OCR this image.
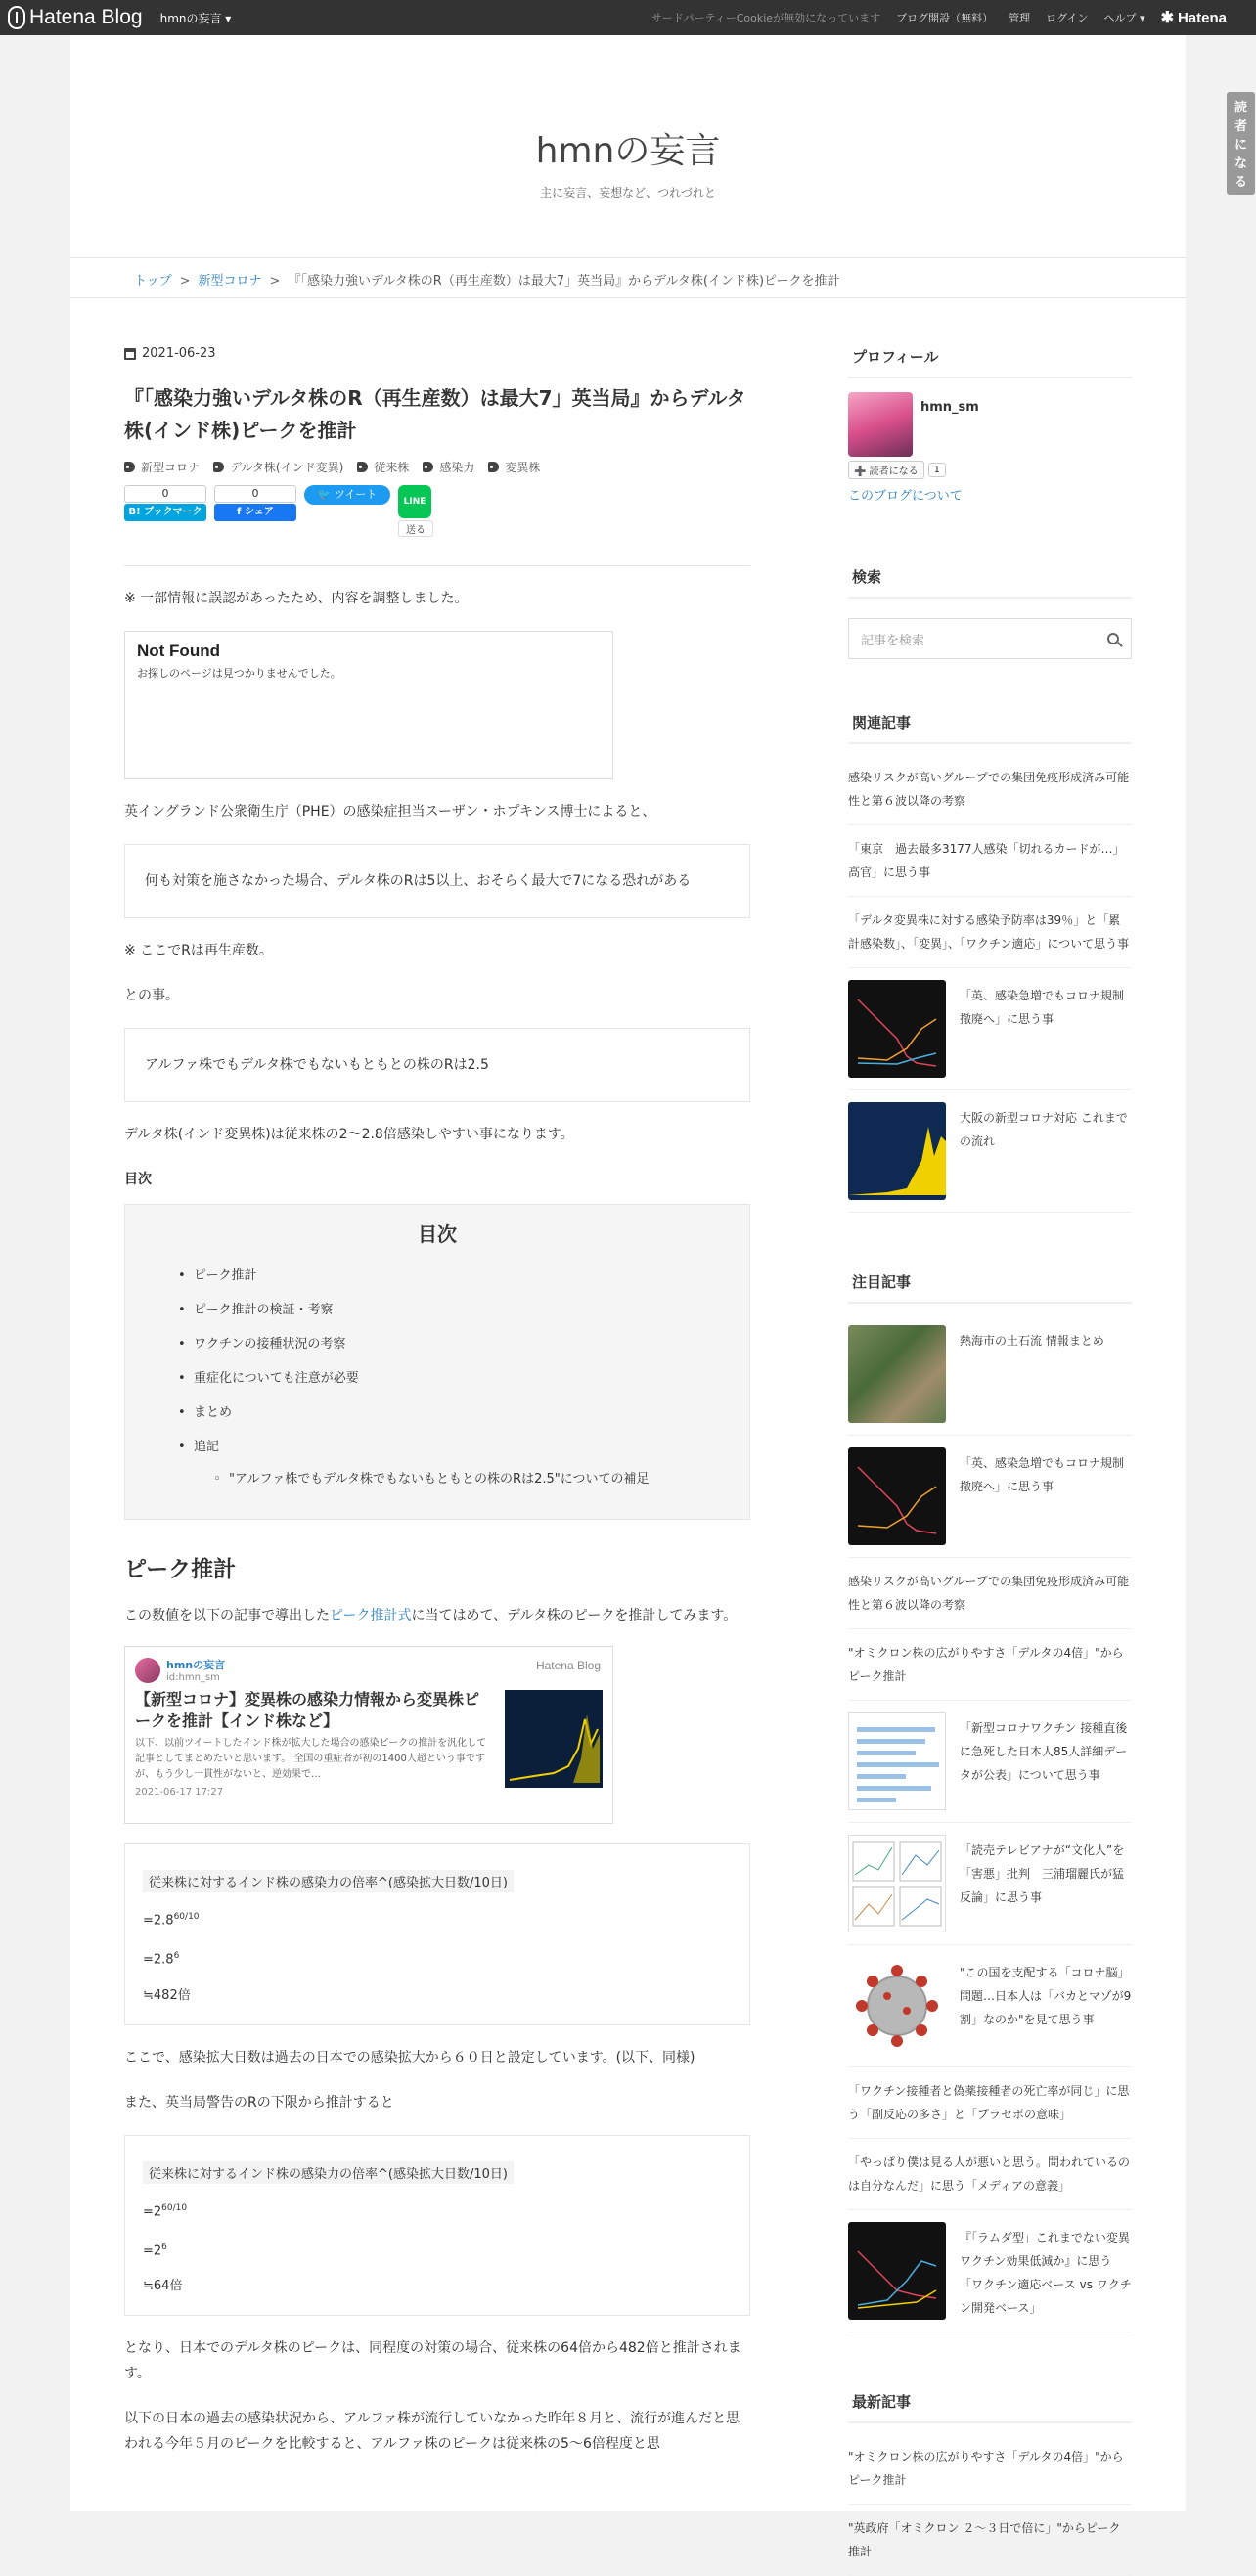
Hatena Blog hmnの妄言 ▾	サードパーティーCookieが無効になっています ブログ開設（無料） 管理 ログイン ヘルプ ▾ ✱ Hatena
読者になる
hmnの妄言
主に妄言、妄想など、つれづれと
トップ > 新型コロナ > 『「感染力強いデルタ株のR（再生産数）は最大7」英当局』からデルタ株(インド株)ピークを推計
2021-06-23
『「感染力強いデルタ株のR（再生産数）は最大7」英当局』からデルタ株(インド株)ピークを推計
新型コロナ	デルタ株(インド変異)	従来株	感染力	変異株
0
B! ブックマーク
0
f シェア
🐦 ツイート
LINE
送る

※ 一部情報に誤認があったため、内容を調整しました。

Not Found
お探しのページは見つかりませんでした。

英イングランド公衆衛生庁（PHE）の感染症担当スーザン・ホプキンス博士によると、

何も対策を施さなかった場合、デルタ株のRは5以上、おそらく最大で7になる恐れがある

※ ここでRは再生産数。

との事。

アルファ株でもデルタ株でもないもともとの株のRは2.5

デルタ株(インド変異株)は従来株の2～2.8倍感染しやすい事になります。

目次
目次
• ピーク推計
• ピーク推計の検証・考察
• ワクチンの接種状況の考察
• 重症化についても注意が必要
• まとめ
• 追記
◦ "アルファ株でもデルタ株でもないもともとの株のRは2.5"についての補足
ピーク推計

この数値を以下の記事で導出したピーク推計式に当てはめて、デルタ株のピークを推計してみます。

hmnの妄言
id:hmn_sm
Hatena Blog
【新型コロナ】変異株の感染力情報から変異株ピークを推計【インド株など】
以下、以前ツイートしたインド株が拡大した場合の感染ピークの推計を汎化して記事としてまとめたいと思います。 全国の重症者が初の1400人超という事ですが、もう少し一貫性がないと、逆効果で…
2021-06-17 17:27
従来株に対するインド株の感染力の倍率^(感染拡大日数/10日)
$=2.8^{60/10}$
$=2.8^6$
≒482倍

ここで、感染拡大日数は過去の日本での感染拡大から６０日と設定しています。(以下、同様)

また、英当局警告のRの下限から推計すると

従来株に対するインド株の感染力の倍率^(感染拡大日数/10日)
$=2^{60/10}$
$=2^6$
≒64倍

となり、日本でのデルタ株のピークは、同程度の対策の場合、従来株の64倍から482倍と推計されます。

以下の日本の過去の感染状況から、アルファ株が流行していなかった昨年８月と、流行が進んだと思われる今年５月のピークを比較すると、アルファ株のピークは従来株の5～6倍程度と思

プロフィール
hmn_sm
➕ 読者になる	1
このブログについて
検索
記事を検索
関連記事
感染リスクが高いグループでの集団免疫形成済み可能性と第６波以降の考察
「東京　過去最多3177人感染「切れるカードが…」高官」に思う事
「デルタ変異株に対する感染予防率は39％」と「累計感染数」、「変異」、「ワクチン適応」について思う事
「英、感染急増でもコロナ規制撤廃へ」に思う事
大阪の新型コロナ対応 これまでの流れ
注目記事
熱海市の土石流 情報まとめ
「英、感染急増でもコロナ規制撤廃へ」に思う事
感染リスクが高いグループでの集団免疫形成済み可能性と第６波以降の考察
"オミクロン株の広がりやすさ「デルタの4倍」"からピーク推計
「新型コロナワクチン 接種直後に急死した日本人85人詳細データが公表」について思う事
「読売テレビアナが“文化人”を「害悪」批判　三浦瑠麗氏が猛反論」に思う事
"この国を支配する「コロナ脳」問題…日本人は「バカとマゾが9割」なのか"を見て思う事
「ワクチン接種者と偽薬接種者の死亡率が同じ」に思う「副反応の多さ」と「プラセボの意味」
「やっぱり僕は見る人が悪いと思う。問われているのは自分なんだ」に思う「メディアの意義」
『「ラムダ型」これまでない変異　ワクチン効果低減か』に思う「ワクチン適応ベース vs ワクチン開発ベース」
最新記事
"オミクロン株の広がりやすさ「デルタの4倍」"からピーク推計
"英政府「オミクロン ２～３日で倍に」"からピーク推計
